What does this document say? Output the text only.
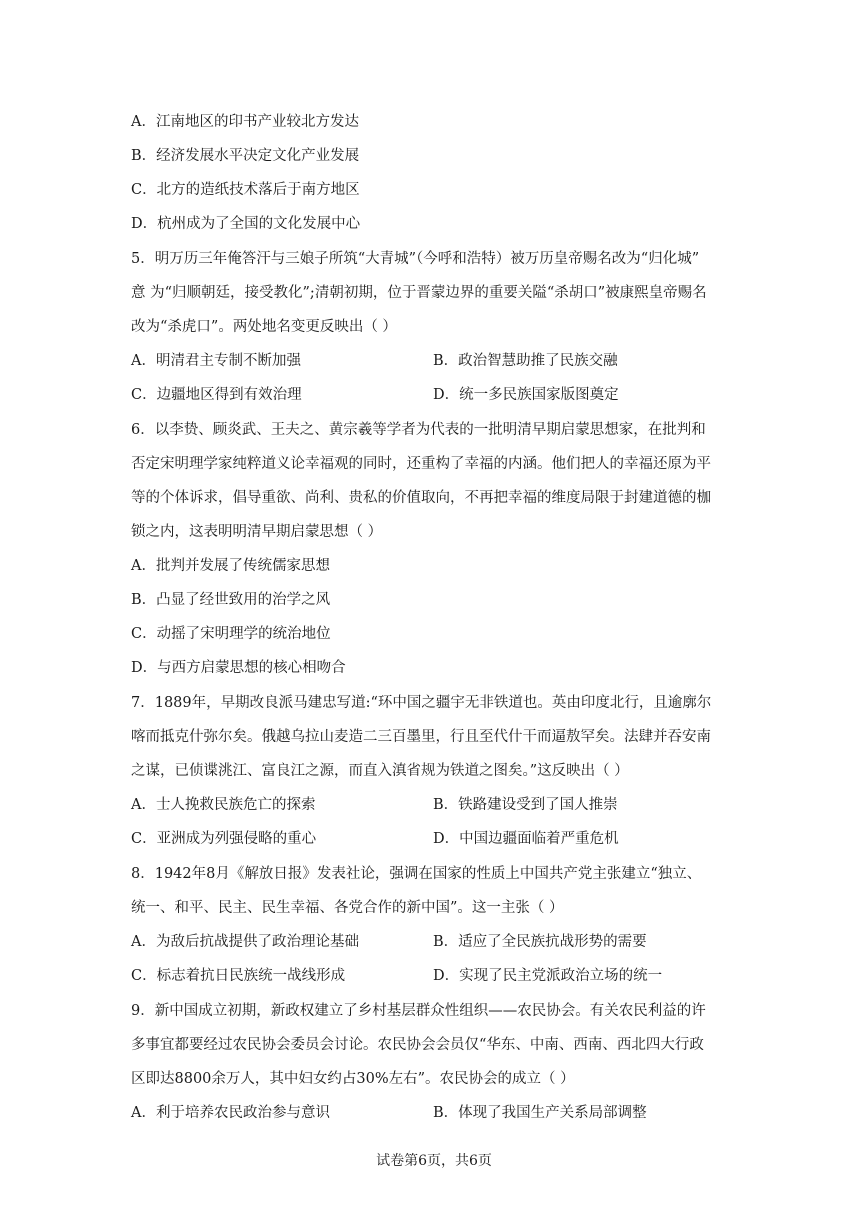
A．江南地区的印书产业较北方发达
B．经济发展水平决定文化产业发展
C．北方的造纸技术落后于南方地区
D．杭州成为了全国的文化发展中心
5．明万历三年俺答汗与三娘子所筑“大青城”（今呼和浩特）被万历皇帝赐名改为“归化城”
意 为“归顺朝廷，接受教化”;清朝初期，位于晋蒙边界的重要关隘“杀胡口”被康熙皇帝赐名
改为“杀虎口”。两处地名变更反映出（ ）
A．明清君主专制不断加强	B．政治智慧助推了民族交融
C．边疆地区得到有效治理	D．统一多民族国家版图奠定
6．以李贽、顾炎武、王夫之、黄宗羲等学者为代表的一批明清早期启蒙思想家，在批判和
否定宋明理学家纯粹道义论幸福观的同时，还重构了幸福的内涵。他们把人的幸福还原为平
等的个体诉求，倡导重欲、尚利、贵私的价值取向，不再把幸福的维度局限于封建道德的枷
锁之内，这表明明清早期启蒙思想（ ）
A．批判并发展了传统儒家思想
B．凸显了经世致用的治学之风
C．动摇了宋明理学的统治地位
D．与西方启蒙思想的核心相吻合
7．1889年，早期改良派马建忠写道:“环中国之疆宇无非铁道也。英由印度北行，且逾廓尔
喀而抵克什弥尔矣。俄越乌拉山麦造二三百墨里，行且至代什干而逼敖罕矣。法肆并吞安南
之谋，已侦谍洮江、富良江之源，而直入滇省规为铁道之图矣。”这反映出（ ）
A．士人挽救民族危亡的探索	B．铁路建设受到了国人推崇
C．亚洲成为列强侵略的重心	D．中国边疆面临着严重危机
8．1942年8月《解放日报》发表社论，强调在国家的性质上中国共产党主张建立“独立、
统一、和平、民主、民生幸福、各党合作的新中国”。这一主张（ ）
A．为敌后抗战提供了政治理论基础	B．适应了全民族抗战形势的需要
C．标志着抗日民族统一战线形成	D．实现了民主党派政治立场的统一
9．新中国成立初期，新政权建立了乡村基层群众性组织——农民协会。有关农民利益的许
多事宜都要经过农民协会委员会讨论。农民协会会员仅“华东、中南、西南、西北四大行政
区即达8800余万人，其中妇女约占30%左右”。农民协会的成立（ ）
A．利于培养农民政治参与意识	B．体现了我国生产关系局部调整
试卷第6页，共6页
